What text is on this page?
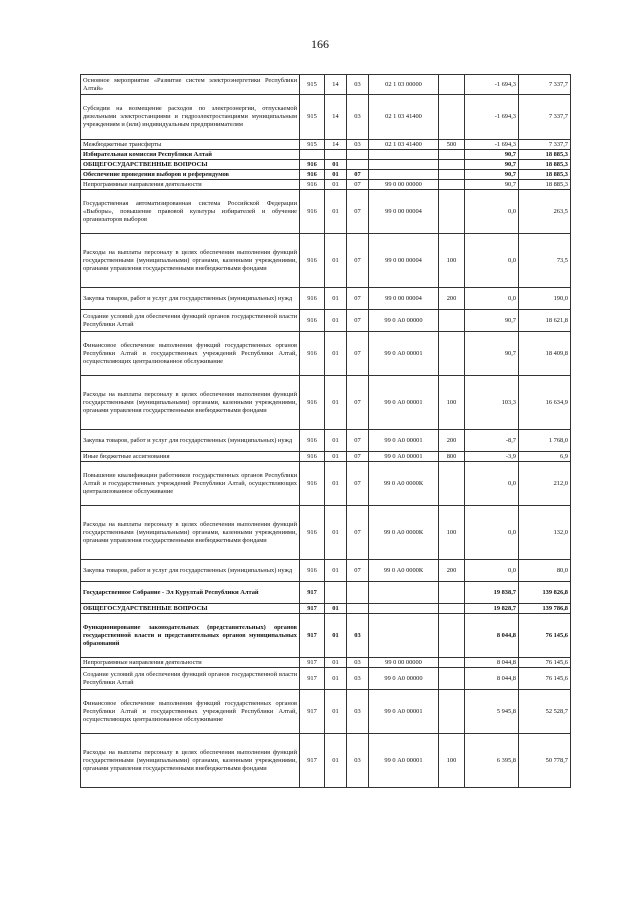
166
Основное мероприятие «Развитие систем электроэнергетики Республики Алтай»	915	14	03	02 1 03 00000		-1 694,3	7 337,7
Субсидии на возмещение расходов по электроэнергии, отпускаемой дизельными электростанциями и гидроэлектростанциями муниципальным учреждениям и (или) индивидуальным предпринимателям	915	14	03	02 1 03 41400		-1 694,3	7 337,7
Межбюджетные трансферты	915	14	03	02 1 03 41400	500	-1 694,3	7 337,7
Избирательная комиссия Республики Алтай						90,7	18 885,3
ОБЩЕГОСУДАРСТВЕННЫЕ ВОПРОСЫ	916	01				90,7	18 885,3
Обеспечение проведения выборов и референдумов	916	01	07			90,7	18 885,3
Непрограммные направления деятельности	916	01	07	99 0 00 00000		90,7	18 885,3
Государственная автоматизированная система Российской Федерации «Выборы», повышение правовой культуры избирателей и обучение организаторов выборов	916	01	07	99 0 00 00004		0,0	263,5
Расходы на выплаты персоналу в целях обеспечения выполнения функций государственными (муниципальными) органами, казенными учреждениями, органами управления государственными внебюджетными фондами	916	01	07	99 0 00 00004	100	0,0	73,5
Закупка товаров, работ и услуг для государственных (муниципальных) нужд	916	01	07	99 0 00 00004	200	0,0	190,0
Создание условий для обеспечения функций органов государственной власти Республики Алтай	916	01	07	99 0 А0 00000		90,7	18 621,8
Финансовое обеспечение выполнения функций государственных органов Республики Алтай и государственных учреждений Республики Алтай, осуществляющих централизованное обслуживание	916	01	07	99 0 А0 00001		90,7	18 409,8
Расходы на выплаты персоналу в целях обеспечения выполнения функций государственными (муниципальными) органами, казенными учреждениями, органами управления государственными внебюджетными фондами	916	01	07	99 0 А0 00001	100	103,3	16 634,9
Закупка товаров, работ и услуг для государственных (муниципальных) нужд	916	01	07	99 0 А0 00001	200	-8,7	1 768,0
Иные бюджетные ассигнования	916	01	07	99 0 А0 00001	800	-3,9	6,9
Повышение квалификации работников государственных органов Республики Алтай и государственных учреждений Республики Алтай, осуществляющих централизованное обслуживание	916	01	07	99 0 А0 0000К		0,0	212,0
Расходы на выплаты персоналу в целях обеспечения выполнения функций государственными (муниципальными) органами, казенными учреждениями, органами управления государственными внебюджетными фондами	916	01	07	99 0 А0 0000К	100	0,0	132,0
Закупка товаров, работ и услуг для государственных (муниципальных) нужд	916	01	07	99 0 А0 0000К	200	0,0	80,0
Государственное Собрание - Эл Курултай Республики Алтай	917					19 838,7	139 826,8
ОБЩЕГОСУДАРСТВЕННЫЕ ВОПРОСЫ	917	01				19 828,7	139 786,8
Функционирование законодательных (представительных) органов государственной власти и представительных органов муниципальных образований	917	01	03			8 044,8	76 145,6
Непрограммные направления деятельности	917	01	03	99 0 00 00000		8 044,8	76 145,6
Создание условий для обеспечения функций органов государственной власти Республики Алтай	917	01	03	99 0 А0 00000		8 044,8	76 145,6
Финансовое обеспечение выполнения функций государственных органов Республики Алтай и государственных учреждений Республики Алтай, осуществляющих централизованное обслуживание	917	01	03	99 0 А0 00001		5 945,8	52 528,7
Расходы на выплаты персоналу в целях обеспечения выполнения функций государственными (муниципальными) органами, казенными учреждениями, органами управления государственными внебюджетными фондами	917	01	03	99 0 А0 00001	100	6 395,8	50 778,7
